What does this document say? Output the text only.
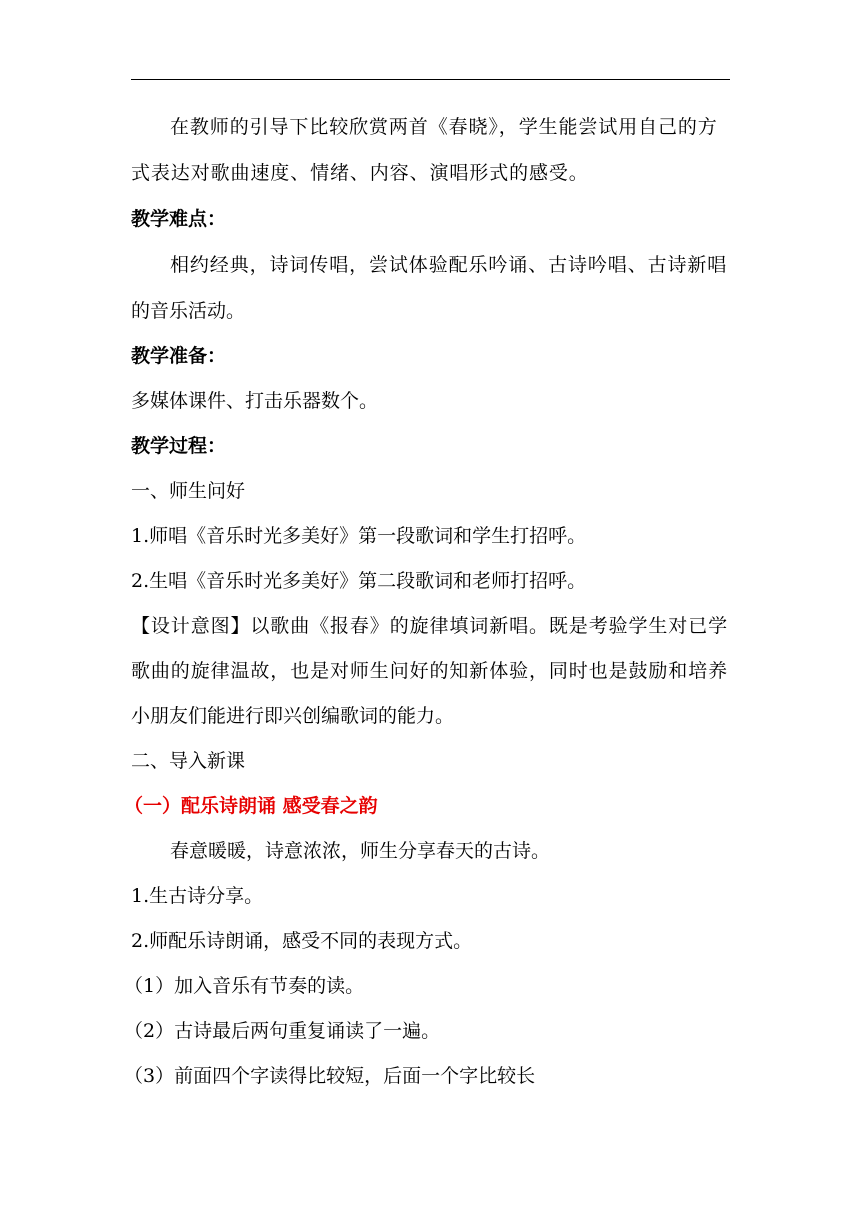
在教师的引导下比较欣赏两首《春晓》，学生能尝试用自己的方
式表达对歌曲速度、情绪、内容、演唱形式的感受。
教学难点：
相约经典，诗词传唱，尝试体验配乐吟诵、古诗吟唱、古诗新唱
的音乐活动。
教学准备：
多媒体课件、打击乐器数个。
教学过程：
一、师生问好
1.师唱《音乐时光多美好》第一段歌词和学生打招呼。
2.生唱《音乐时光多美好》第二段歌词和老师打招呼。
【设计意图】以歌曲《报春》的旋律填词新唱。既是考验学生对已学
歌曲的旋律温故，也是对师生问好的知新体验，同时也是鼓励和培养
小朋友们能进行即兴创编歌词的能力。
二、导入新课
（一）配乐诗朗诵 感受春之韵
春意暖暖，诗意浓浓，师生分享春天的古诗。
1.生古诗分享。
2.师配乐诗朗诵，感受不同的表现方式。
（1）加入音乐有节奏的读。
（2）古诗最后两句重复诵读了一遍。
（3）前面四个字读得比较短，后面一个字比较长
